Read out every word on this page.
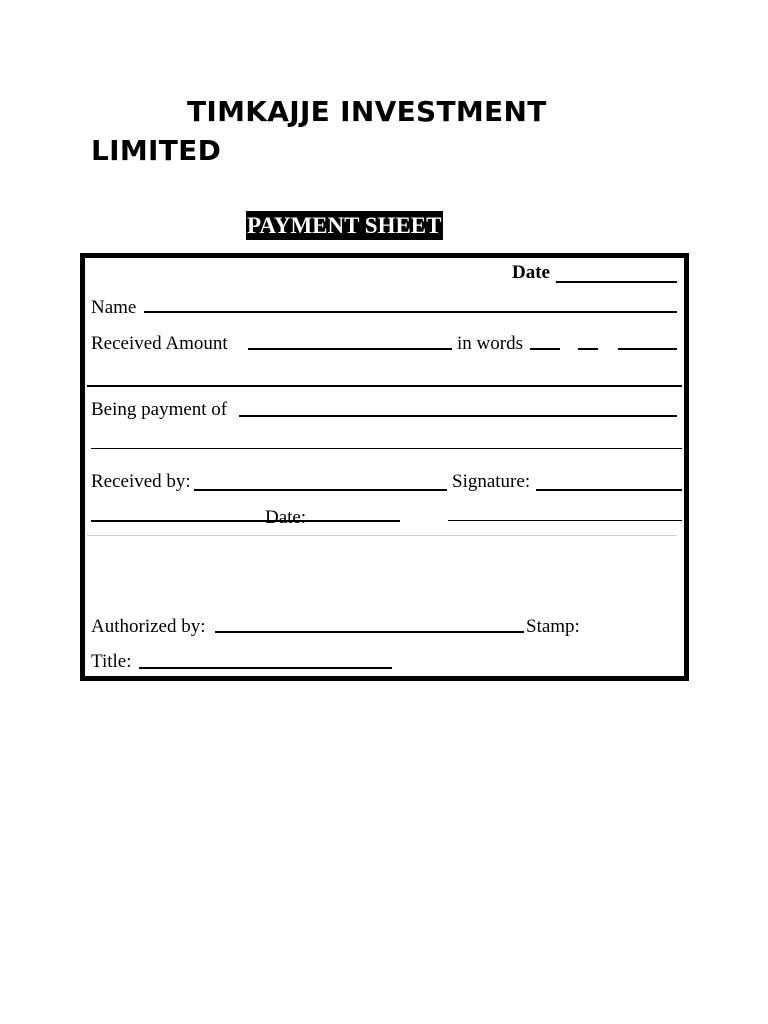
TIMKAJJE INVESTMENT LIMITED
PAYMENT SHEET
Date
Name
Received Amount	in words
Being payment of
Received by:	Signature:
Date:
Authorized by:	Stamp:
Title:
